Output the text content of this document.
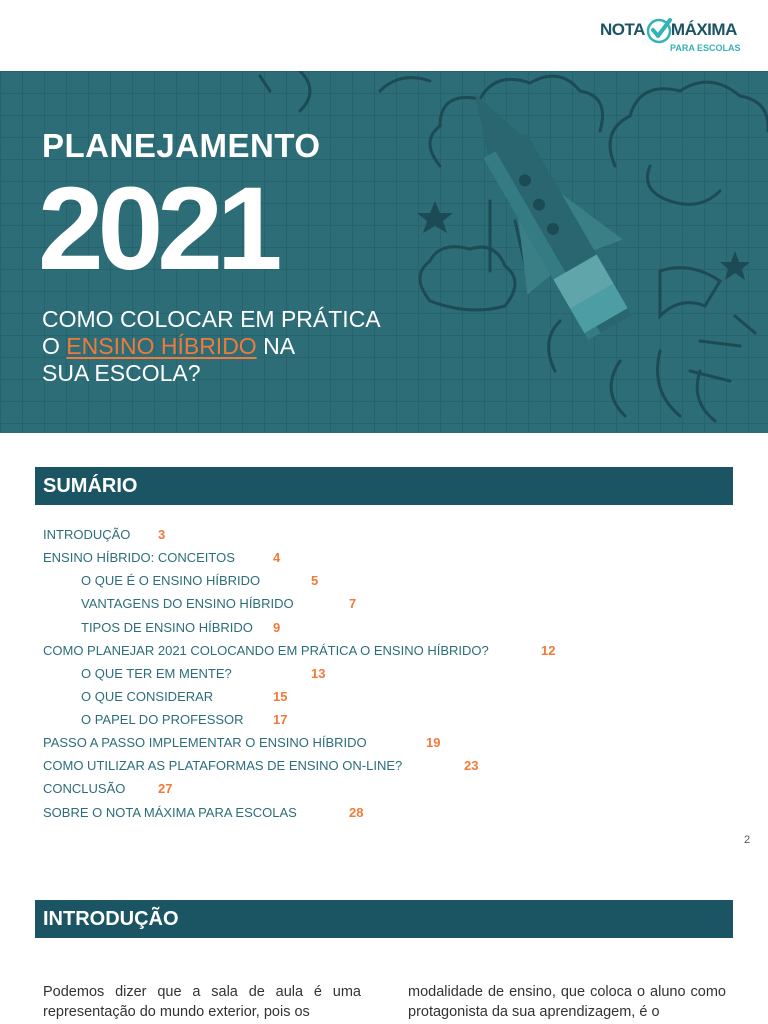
NOTA MÁXIMA
PARA ESCOLAS
PLANEJAMENTO
2021
COMO COLOCAR EM PRÁTICA
O ENSINO HÍBRIDO NA
SUA ESCOLA?
SUMÁRIO
INTRODUÇÃO 3
ENSINO HÍBRIDO: CONCEITOS	4
O QUE É O ENSINO HÍBRIDO	5
VANTAGENS DO ENSINO HÍBRIDO	7
TIPOS DE ENSINO HÍBRIDO 9
COMO PLANEJAR 2021 COLOCANDO EM PRÁTICA O ENSINO HÍBRIDO?	12
O QUE TER EM MENTE?	13
O QUE CONSIDERAR	15
O PAPEL DO PROFESSOR 17
PASSO A PASSO IMPLEMENTAR O ENSINO HÍBRIDO	19
COMO UTILIZAR AS PLATAFORMAS DE ENSINO ON-LINE?	23
CONCLUSÃO	27
SOBRE O NOTA MÁXIMA PARA ESCOLAS	28
2
INTRODUÇÃO
Podemos dizer que a sala de aula é uma representação do mundo exterior, pois os
modalidade de ensino, que coloca o aluno como protagonista da sua aprendizagem, é o
